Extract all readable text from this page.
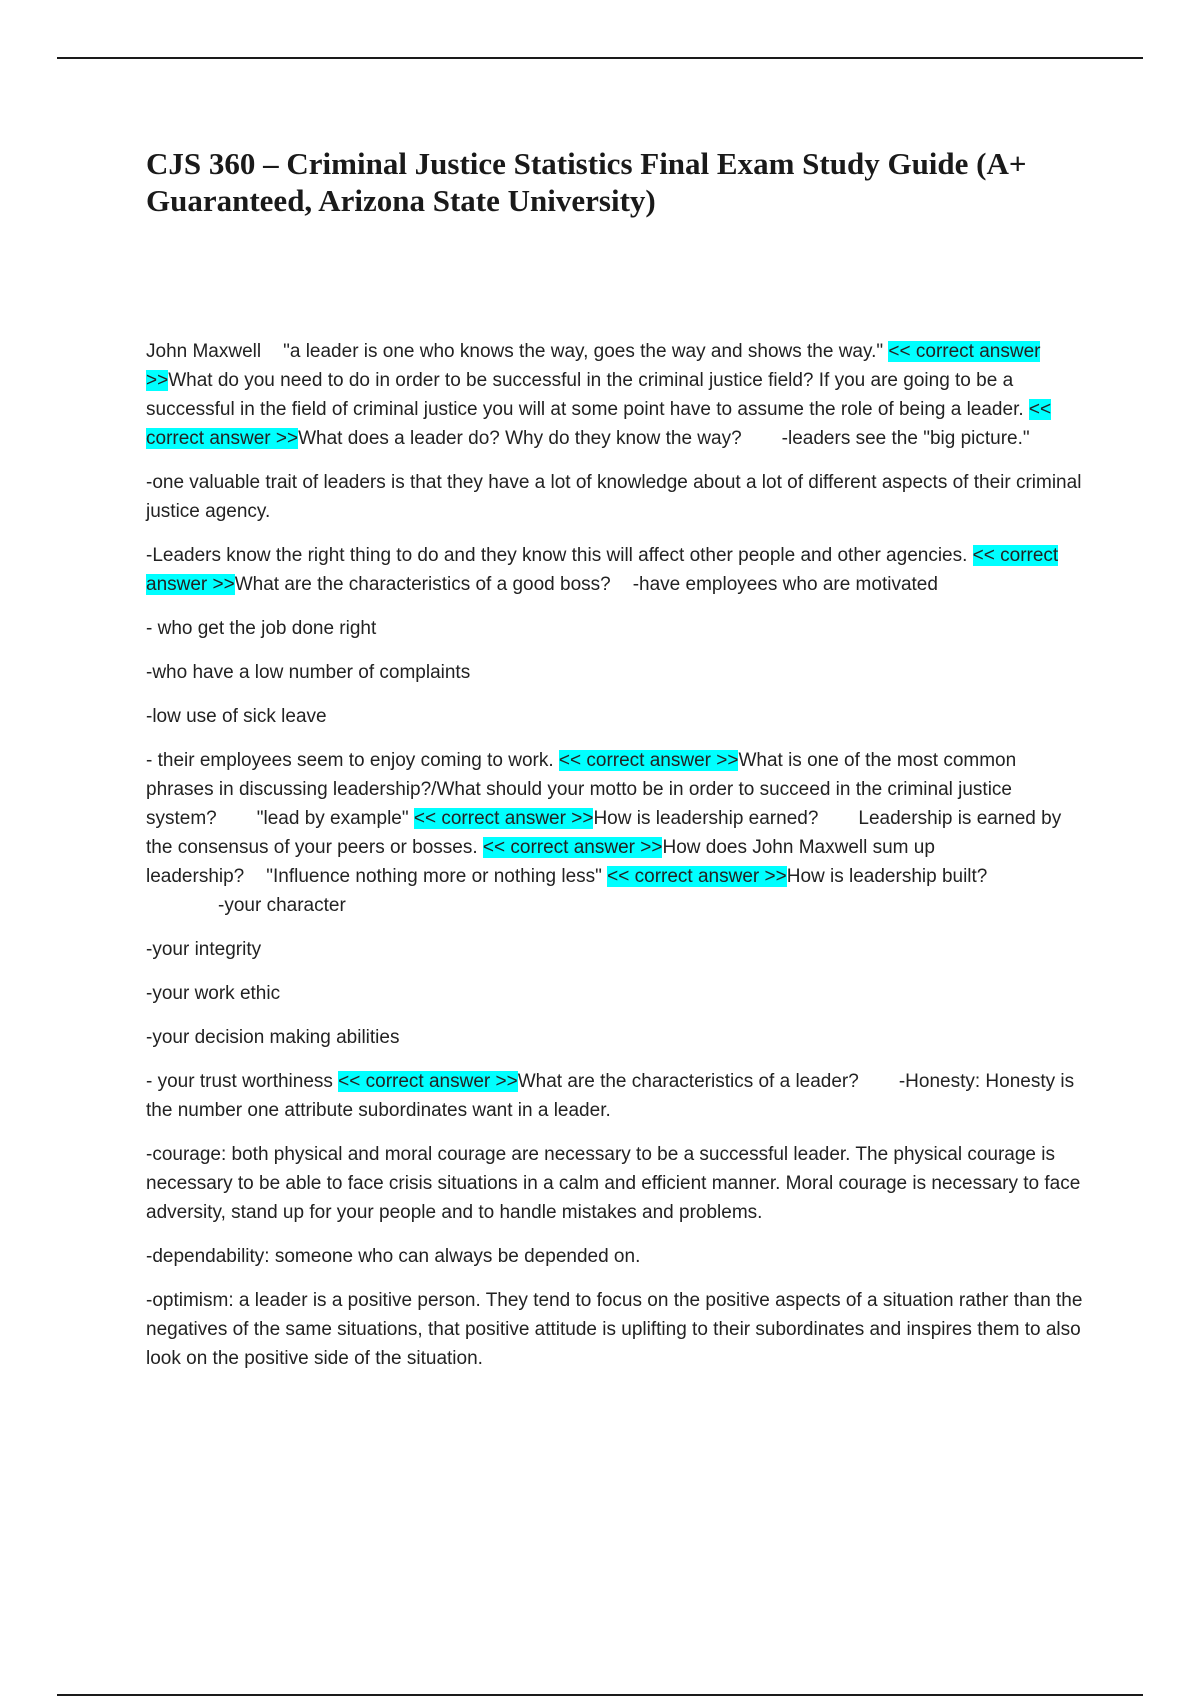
CJS 360 – Criminal Justice Statistics Final Exam Study Guide (A+ Guaranteed, Arizona State University)

John Maxwell "a leader is one who knows the way, goes the way and shows the way." << correct answer >>What do you need to do in order to be successful in the criminal justice field? If you are going to be a successful in the field of criminal justice you will at some point have to assume the role of being a leader. << correct answer >>What does a leader do? Why do they know the way? -leaders see the "big picture."

-one valuable trait of leaders is that they have a lot of knowledge about a lot of different aspects of their criminal justice agency.

-Leaders know the right thing to do and they know this will affect other people and other agencies. << correct answer >>What are the characteristics of a good boss? -have employees who are motivated

- who get the job done right

-who have a low number of complaints

-low use of sick leave

- their employees seem to enjoy coming to work. << correct answer >>What is one of the most common phrases in discussing leadership?/What should your motto be in order to succeed in the criminal justice system? "lead by example" << correct answer >>How is leadership earned? Leadership is earned by the consensus of your peers or bosses. << correct answer >>How does John Maxwell sum up leadership? "Influence nothing more or nothing less" << correct answer >>How is leadership built?
-your character

-your integrity

-your work ethic

-your decision making abilities

- your trust worthiness << correct answer >>What are the characteristics of a leader? -Honesty: Honesty is the number one attribute subordinates want in a leader.

-courage: both physical and moral courage are necessary to be a successful leader. The physical courage is necessary to be able to face crisis situations in a calm and efficient manner. Moral courage is necessary to face adversity, stand up for your people and to handle mistakes and problems.

-dependability: someone who can always be depended on.

-optimism: a leader is a positive person. They tend to focus on the positive aspects of a situation rather than the negatives of the same situations, that positive attitude is uplifting to their subordinates and inspires them to also look on the positive side of the situation.
